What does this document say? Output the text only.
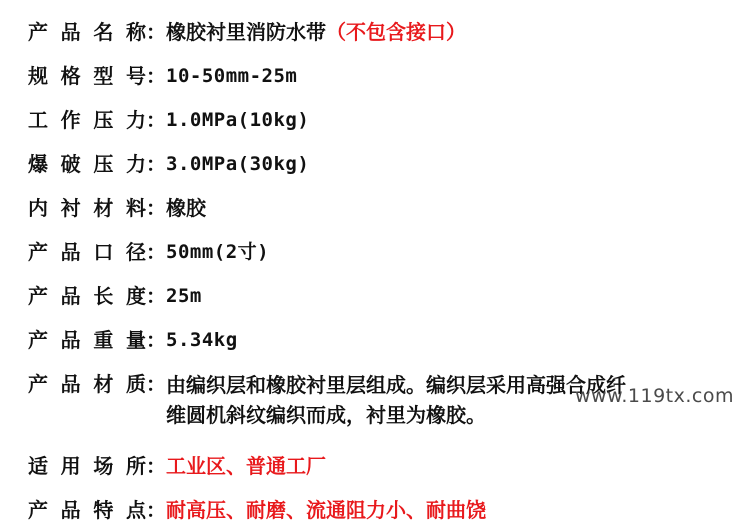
产品名称	：	橡胶衬里消防水带（不包含接口）

规格型号	：	10-50mm-25m

工作压力	：	1.0MPa(10kg)

爆破压力	：	3.0MPa(30kg)

内衬材料	：	橡胶

产品口径	：	50mm(2寸)

产品长度	：	25m

产品重量	：	5.34kg

产品材质	：	由编织层和橡胶衬里层组成。编织层采用高强合成纤维圆机斜纹编织而成，衬里为橡胶。

适用场所	：	工业区、普通工厂

产品特点	：	耐高压、耐磨、流通阻力小、耐曲饶
www.119tx.com
